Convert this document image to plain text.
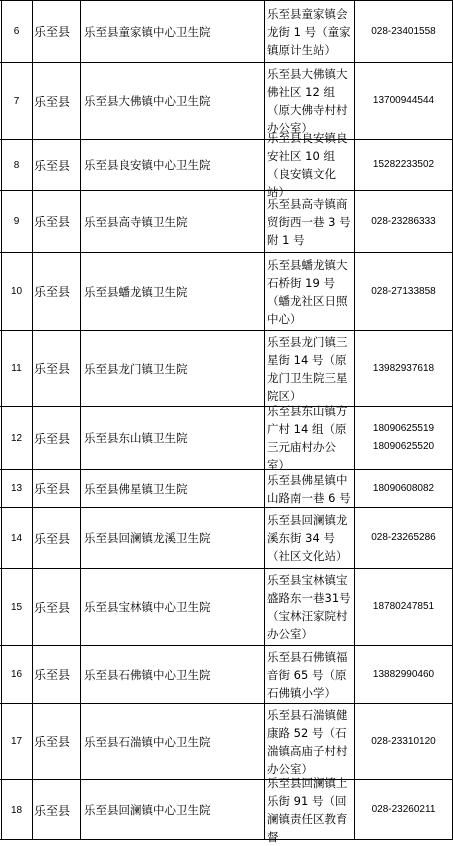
6 乐至县 乐至县童家镇中心卫生院
乐至县童家镇会龙街 1 号（童家镇原计生站）
028-23401558
7 乐至县 乐至县大佛镇中心卫生院
乐至县大佛镇大佛社区 12 组（原大佛寺村村办公室）
13700944544
8 乐至县 乐至县良安镇中心卫生院
乐至县良安镇良安社区 10 组（良安镇文化站）
15282233502
9 乐至县 乐至县高寺镇卫生院
乐至县高寺镇商贸街西一巷 3 号附 1 号
028-23286333
10 乐至县 乐至县蟠龙镇卫生院
乐至县蟠龙镇大石桥街 19 号（蟠龙社区日照中心）
028-27133858
11 乐至县 乐至县龙门镇卫生院
乐至县龙门镇三星街 14 号（原龙门卫生院三星院区）
13982937618
12 乐至县 乐至县东山镇卫生院
乐至县东山镇方广村 14 组（原三元庙村办公室）
18090625519 18090625520
13 乐至县 乐至县佛星镇卫生院
乐至县佛星镇中山路南一巷 6 号
18090608082
14 乐至县 乐至县回澜镇龙溪卫生院
乐至县回澜镇龙溪东街 34 号（社区文化站）
028-23265286
15 乐至县 乐至县宝林镇中心卫生院
乐至县宝林镇宝盛路东一巷31号（宝林汪家院村办公室）
18780247851
16 乐至县 乐至县石佛镇中心卫生院
乐至县石佛镇福音街 65 号（原石佛镇小学）
13882990460
17 乐至县 乐至县石湍镇中心卫生院
乐至县石湍镇健康路 52 号（石湍镇高庙子村村办公室）
028-23310120
18 乐至县 乐至县回澜镇中心卫生院
乐至县回澜镇上乐街 91 号（回澜镇责任区教育督
028-23260211
